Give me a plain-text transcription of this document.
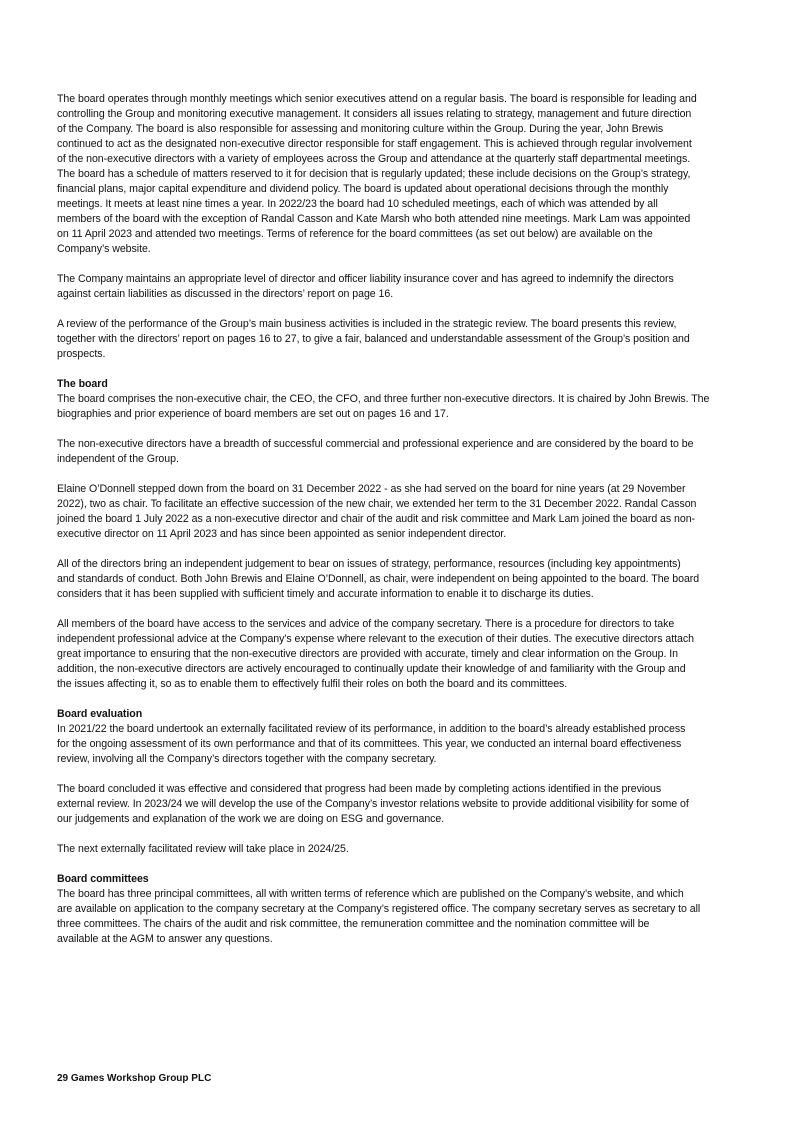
The board operates through monthly meetings which senior executives attend on a regular basis. The board is responsible for leading and
controlling the Group and monitoring executive management. It considers all issues relating to strategy, management and future direction
of the Company. The board is also responsible for assessing and monitoring culture within the Group. During the year, John Brewis
continued to act as the designated non-executive director responsible for staff engagement. This is achieved through regular involvement
of the non-executive directors with a variety of employees across the Group and attendance at the quarterly staff departmental meetings.
The board has a schedule of matters reserved to it for decision that is regularly updated; these include decisions on the Group’s strategy,
financial plans, major capital expenditure and dividend policy. The board is updated about operational decisions through the monthly
meetings. It meets at least nine times a year. In 2022/23 the board had 10 scheduled meetings, each of which was attended by all
members of the board with the exception of Randal Casson and Kate Marsh who both attended nine meetings. Mark Lam was appointed
on 11 April 2023 and attended two meetings. Terms of reference for the board committees (as set out below) are available on the
Company’s website.
The Company maintains an appropriate level of director and officer liability insurance cover and has agreed to indemnify the directors
against certain liabilities as discussed in the directors’ report on page 16.
A review of the performance of the Group’s main business activities is included in the strategic review. The board presents this review,
together with the directors’ report on pages 16 to 27, to give a fair, balanced and understandable assessment of the Group’s position and
prospects.
The board
The board comprises the non-executive chair, the CEO, the CFO, and three further non-executive directors. It is chaired by John Brewis. The
biographies and prior experience of board members are set out on pages 16 and 17.
The non-executive directors have a breadth of successful commercial and professional experience and are considered by the board to be
independent of the Group.
Elaine O’Donnell stepped down from the board on 31 December 2022 - as she had served on the board for nine years (at 29 November
2022), two as chair. To facilitate an effective succession of the new chair, we extended her term to the 31 December 2022. Randal Casson
joined the board 1 July 2022 as a non-executive director and chair of the audit and risk committee and Mark Lam joined the board as non-
executive director on 11 April 2023 and has since been appointed as senior independent director.
All of the directors bring an independent judgement to bear on issues of strategy, performance, resources (including key appointments)
and standards of conduct. Both John Brewis and Elaine O’Donnell, as chair, were independent on being appointed to the board. The board
considers that it has been supplied with sufficient timely and accurate information to enable it to discharge its duties.
All members of the board have access to the services and advice of the company secretary. There is a procedure for directors to take
independent professional advice at the Company's expense where relevant to the execution of their duties. The executive directors attach
great importance to ensuring that the non-executive directors are provided with accurate, timely and clear information on the Group. In
addition, the non-executive directors are actively encouraged to continually update their knowledge of and familiarity with the Group and
the issues affecting it, so as to enable them to effectively fulfil their roles on both the board and its committees.
Board evaluation
In 2021/22 the board undertook an externally facilitated review of its performance, in addition to the board’s already established process
for the ongoing assessment of its own performance and that of its committees. This year, we conducted an internal board effectiveness
review, involving all the Company’s directors together with the company secretary.
The board concluded it was effective and considered that progress had been made by completing actions identified in the previous
external review. In 2023/24 we will develop the use of the Company’s investor relations website to provide additional visibility for some of
our judgements and explanation of the work we are doing on ESG and governance.
The next externally facilitated review will take place in 2024/25.
Board committees
The board has three principal committees, all with written terms of reference which are published on the Company’s website, and which
are available on application to the company secretary at the Company’s registered office. The company secretary serves as secretary to all
three committees. The chairs of the audit and risk committee, the remuneration committee and the nomination committee will be
available at the AGM to answer any questions.
29 Games Workshop Group PLC
